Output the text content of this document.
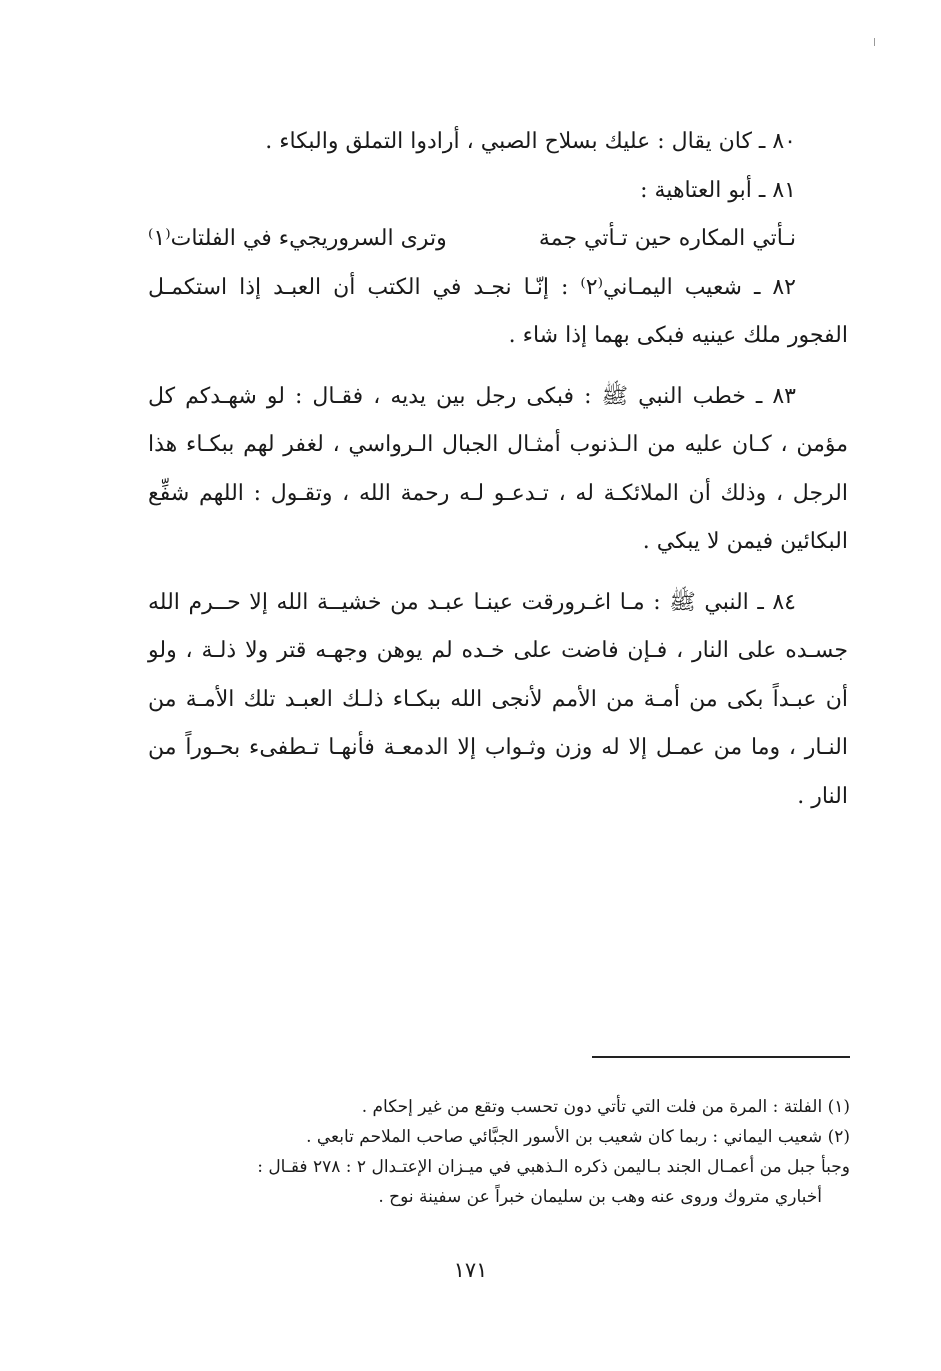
٨٠ ـ كان يقال : عليك بسلاح الصبي ، أرادوا التملق والبكاء .

٨١ ـ أبو العتاهية :

نـأتي المكاره حين تـأتي جمة
وترى السروريجيء في الفلتات⁽١⁾

٨٢ ـ شعيب اليمـاني⁽٢⁾ : إنّـا نجـد في الكتب أن العبـد إذا استكمـل الفجور ملك عينيه فبكى بهما إذا شاء .

٨٣ ـ خطب النبي ﷺ : فبكى رجل بين يديه ، فقـال : لو شهـدكم كل مؤمن ، كـان عليه من الـذنوب أمثـال الجبال الـرواسي ، لغفر لهم ببكـاء هذا الرجل ، وذلك أن الملائكـة له ، تـدعـو لـه رحمة الله ، وتقـول : اللهم شفِّع البكائين فيمن لا يبكي .

٨٤ ـ النبي ﷺ : مـا اغـرورقت عينـا عبـد من خشيــة الله إلا حــرم الله جسـده على النار ، فـإن فاضت على خـده لم يوهن وجهـه قتر ولا ذلـة ، ولو أن عبـداً بكى من أمـة من الأمم لأنجى الله ببكـاء ذلـك العبـد تلك الأمـة من النـار ، وما من عمـل إلا له وزن وثـواب إلا الدمعـة فأنهـا تـطفىء بحـوراً من النار .

(١) الفلتة : المرة من فلت التي تأتي دون تحسب وتقع من غير إحكام .

(٢) شعيب اليماني : ربما كان شعيب بن الأسور الجبَّائي صاحب الملاحم تابعي .

وجبأ جبل من أعمـال الجند بـاليمن ذكره الـذهبي في ميـزان الإعتـدال ٢ : ٢٧٨ فقـال :

أخباري متروك وروى عنه وهب بن سليمان خبراً عن سفينة نوح .

١٧١
